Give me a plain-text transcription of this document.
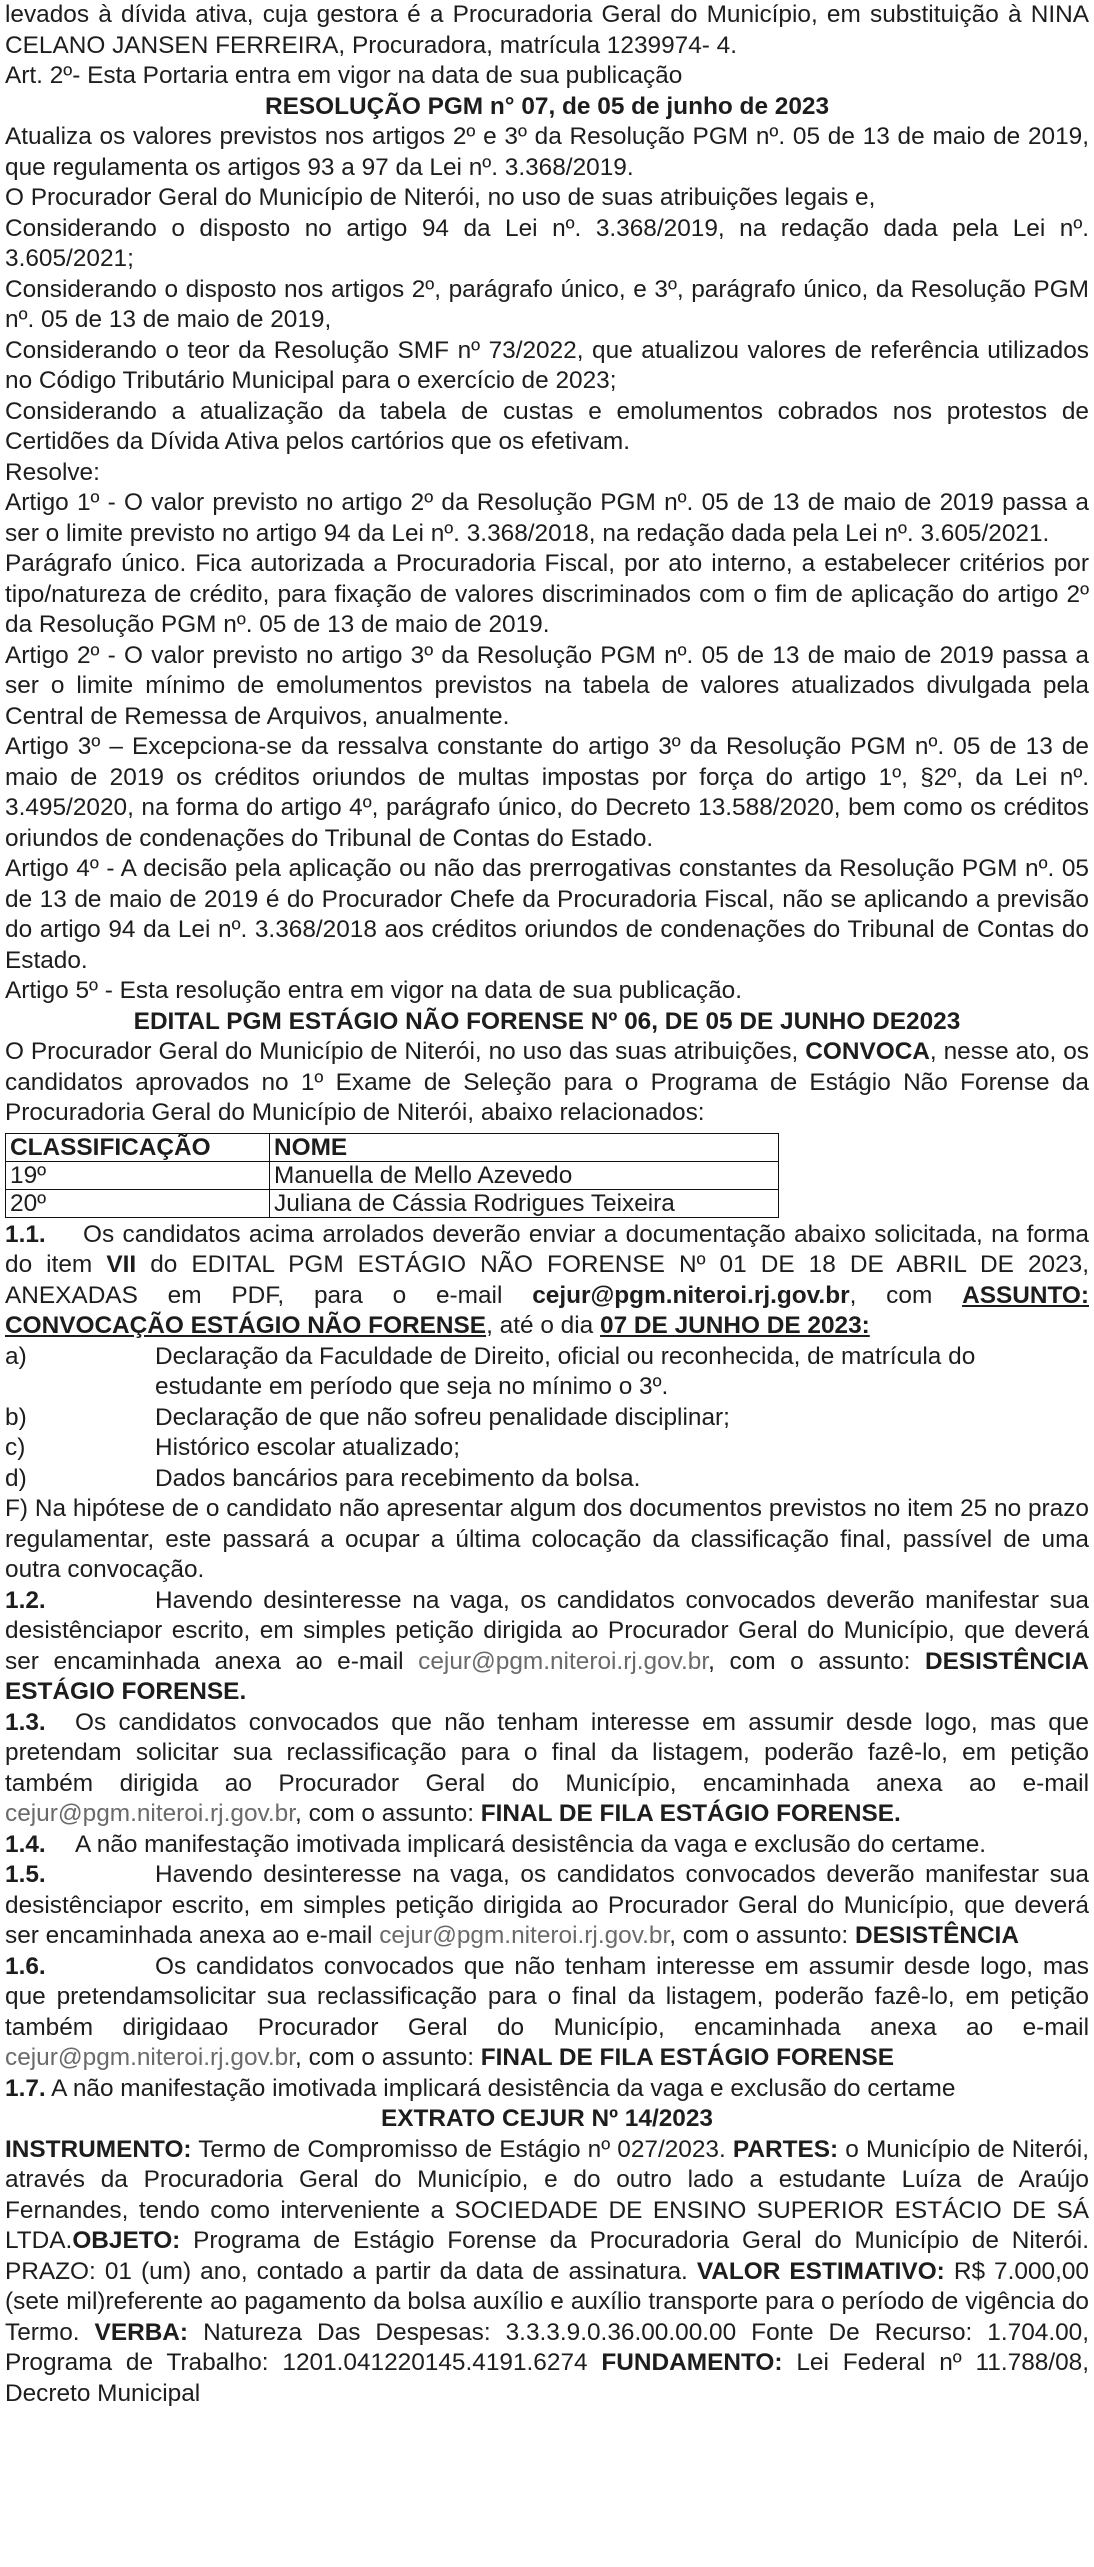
levados à dívida ativa, cuja gestora é a Procuradoria Geral do Município, em substituição à NINA CELANO JANSEN FERREIRA, Procuradora, matrícula 1239974- 4.

Art. 2º- Esta Portaria entra em vigor na data de sua publicação

RESOLUÇÃO PGM n° 07, de 05 de junho de 2023

Atualiza os valores previstos nos artigos 2º e 3º da Resolução PGM nº. 05 de 13 de maio de 2019, que regulamenta os artigos 93 a 97 da Lei nº. 3.368/2019.

O Procurador Geral do Município de Niterói, no uso de suas atribuições legais e,

Considerando o disposto no artigo 94 da Lei nº. 3.368/2019, na redação dada pela Lei nº. 3.605/2021;

Considerando o disposto nos artigos 2º, parágrafo único, e 3º, parágrafo único, da Resolução PGM nº. 05 de 13 de maio de 2019,

Considerando o teor da Resolução SMF nº 73/2022, que atualizou valores de referência utilizados no Código Tributário Municipal para o exercício de 2023;

Considerando a atualização da tabela de custas e emolumentos cobrados nos protestos de Certidões da Dívida Ativa pelos cartórios que os efetivam.

Resolve:

Artigo 1º - O valor previsto no artigo 2º da Resolução PGM nº. 05 de 13 de maio de 2019 passa a ser o limite previsto no artigo 94 da Lei nº. 3.368/2018, na redação dada pela Lei nº. 3.605/2021.

Parágrafo único. Fica autorizada a Procuradoria Fiscal, por ato interno, a estabelecer critérios por tipo/natureza de crédito, para fixação de valores discriminados com o fim de aplicação do artigo 2º da Resolução PGM nº. 05 de 13 de maio de 2019.

Artigo 2º - O valor previsto no artigo 3º da Resolução PGM nº. 05 de 13 de maio de 2019 passa a ser o limite mínimo de emolumentos previstos na tabela de valores atualizados divulgada pela Central de Remessa de Arquivos, anualmente.

Artigo 3º – Excepciona-se da ressalva constante do artigo 3º da Resolução PGM nº. 05 de 13 de maio de 2019 os créditos oriundos de multas impostas por força do artigo 1º, §2º, da Lei nº. 3.495/2020, na forma do artigo 4º, parágrafo único, do Decreto 13.588/2020, bem como os créditos oriundos de condenações do Tribunal de Contas do Estado.

Artigo 4º - A decisão pela aplicação ou não das prerrogativas constantes da Resolução PGM nº. 05 de 13 de maio de 2019 é do Procurador Chefe da Procuradoria Fiscal, não se aplicando a previsão do artigo 94 da Lei nº. 3.368/2018 aos créditos oriundos de condenações do Tribunal de Contas do Estado.

Artigo 5º - Esta resolução entra em vigor na data de sua publicação.

EDITAL PGM ESTÁGIO NÃO FORENSE Nº 06, DE 05 DE JUNHO DE2023

O Procurador Geral do Município de Niterói, no uso das suas atribuições, CONVOCA, nesse ato, os candidatos aprovados no 1º Exame de Seleção para o Programa de Estágio Não Forense da Procuradoria Geral do Município de Niterói, abaixo relacionados:

CLASSIFICAÇÃO	NOME
19º	Manuella de Mello Azevedo
20º	Juliana de Cássia Rodrigues Teixeira

1.1. Os candidatos acima arrolados deverão enviar a documentação abaixo solicitada, na forma do item VII do EDITAL PGM ESTÁGIO NÃO FORENSE Nº 01 DE 18 DE ABRIL DE 2023, ANEXADAS em PDF, para o e-mail cejur@pgm.niteroi.rj.gov.br, com ASSUNTO: CONVOCAÇÃO ESTÁGIO NÃO FORENSE, até o dia 07 DE JUNHO DE 2023:

a)	Declaração da Faculdade de Direito, oficial ou reconhecida, de matrícula do estudante em período que seja no mínimo o 3º.

b)	Declaração de que não sofreu penalidade disciplinar;

c)	Histórico escolar atualizado;

d)	Dados bancários para recebimento da bolsa.

F) Na hipótese de o candidato não apresentar algum dos documentos previstos no item 25 no prazo regulamentar, este passará a ocupar a última colocação da classificação final, passível de uma outra convocação.

1.2.	Havendo desinteresse na vaga, os candidatos convocados deverão manifestar sua desistênciapor escrito, em simples petição dirigida ao Procurador Geral do Município, que deverá ser encaminhada anexa ao e-mail cejur@pgm.niteroi.rj.gov.br, com o assunto: DESISTÊNCIA ESTÁGIO FORENSE.

1.3. Os candidatos convocados que não tenham interesse em assumir desde logo, mas que pretendam solicitar sua reclassificação para o final da listagem, poderão fazê-lo, em petição também dirigida ao Procurador Geral do Município, encaminhada anexa ao e-mail cejur@pgm.niteroi.rj.gov.br, com o assunto: FINAL DE FILA ESTÁGIO FORENSE.

1.4. A não manifestação imotivada implicará desistência da vaga e exclusão do certame.

1.5.	Havendo desinteresse na vaga, os candidatos convocados deverão manifestar sua desistênciapor escrito, em simples petição dirigida ao Procurador Geral do Município, que deverá ser encaminhada anexa ao e-mail cejur@pgm.niteroi.rj.gov.br, com o assunto: DESISTÊNCIA

1.6.	Os candidatos convocados que não tenham interesse em assumir desde logo, mas que pretendamsolicitar sua reclassificação para o final da listagem, poderão fazê-lo, em petição também dirigidaao Procurador Geral do Município, encaminhada anexa ao e-mail cejur@pgm.niteroi.rj.gov.br, com o assunto: FINAL DE FILA ESTÁGIO FORENSE

1.7. A não manifestação imotivada implicará desistência da vaga e exclusão do certame

EXTRATO CEJUR Nº 14/2023

INSTRUMENTO: Termo de Compromisso de Estágio nº 027/2023. PARTES: o Município de Niterói, através da Procuradoria Geral do Município, e do outro lado a estudante Luíza de Araújo Fernandes, tendo como interveniente a SOCIEDADE DE ENSINO SUPERIOR ESTÁCIO DE SÁ LTDA.OBJETO: Programa de Estágio Forense da Procuradoria Geral do Município de Niterói. PRAZO: 01 (um) ano, contado a partir da data de assinatura. VALOR ESTIMATIVO: R$ 7.000,00 (sete mil)referente ao pagamento da bolsa auxílio e auxílio transporte para o período de vigência do Termo. VERBA: Natureza Das Despesas: 3.3.3.9.0.36.00.00.00 Fonte De Recurso: 1.704.00, Programa de Trabalho: 1201.041220145.4191.6274 FUNDAMENTO: Lei Federal nº 11.788/08, Decreto Municipal
